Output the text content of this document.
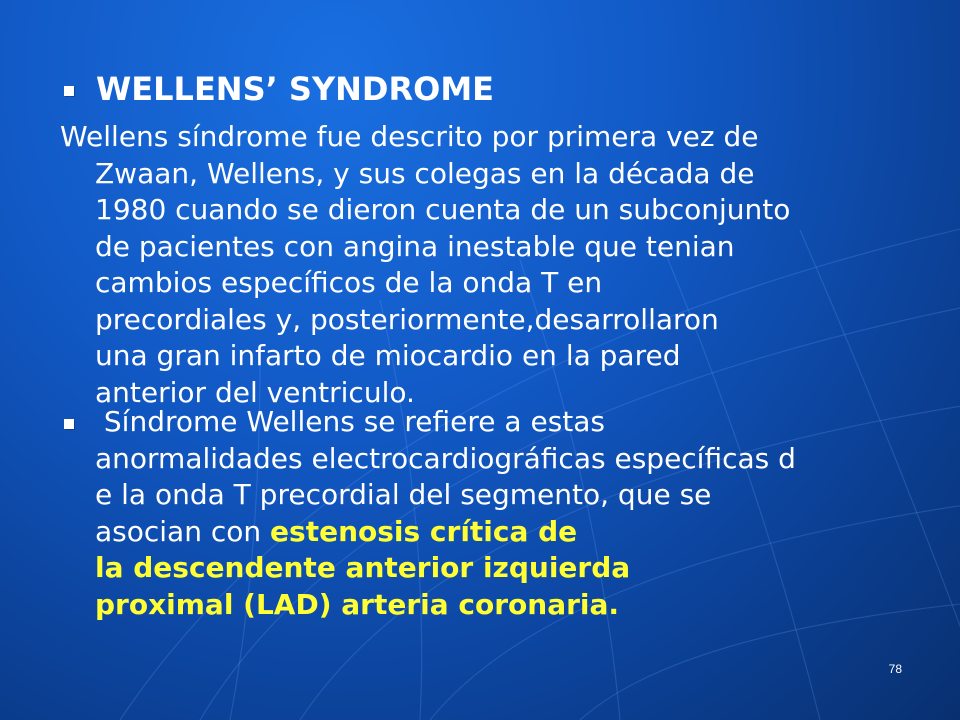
WELLENS’ SYNDROME
Wellens síndrome fue descrito por primera vez de
Zwaan, Wellens, y sus colegas en la década de
1980 cuando se dieron cuenta de un subconjunto
de pacientes con angina inestable que tenian
cambios específicos de la onda T en
precordiales y, posteriormente,desarrollaron
una gran infarto de miocardio en la pared
anterior del ventriculo.
Síndrome Wellens se refiere a estas
anormalidades electrocardiográficas específicas d
e la onda T precordial del segmento, que se
asocian con estenosis crítica de
la descendente anterior izquierda
proximal (LAD) arteria coronaria.
78
